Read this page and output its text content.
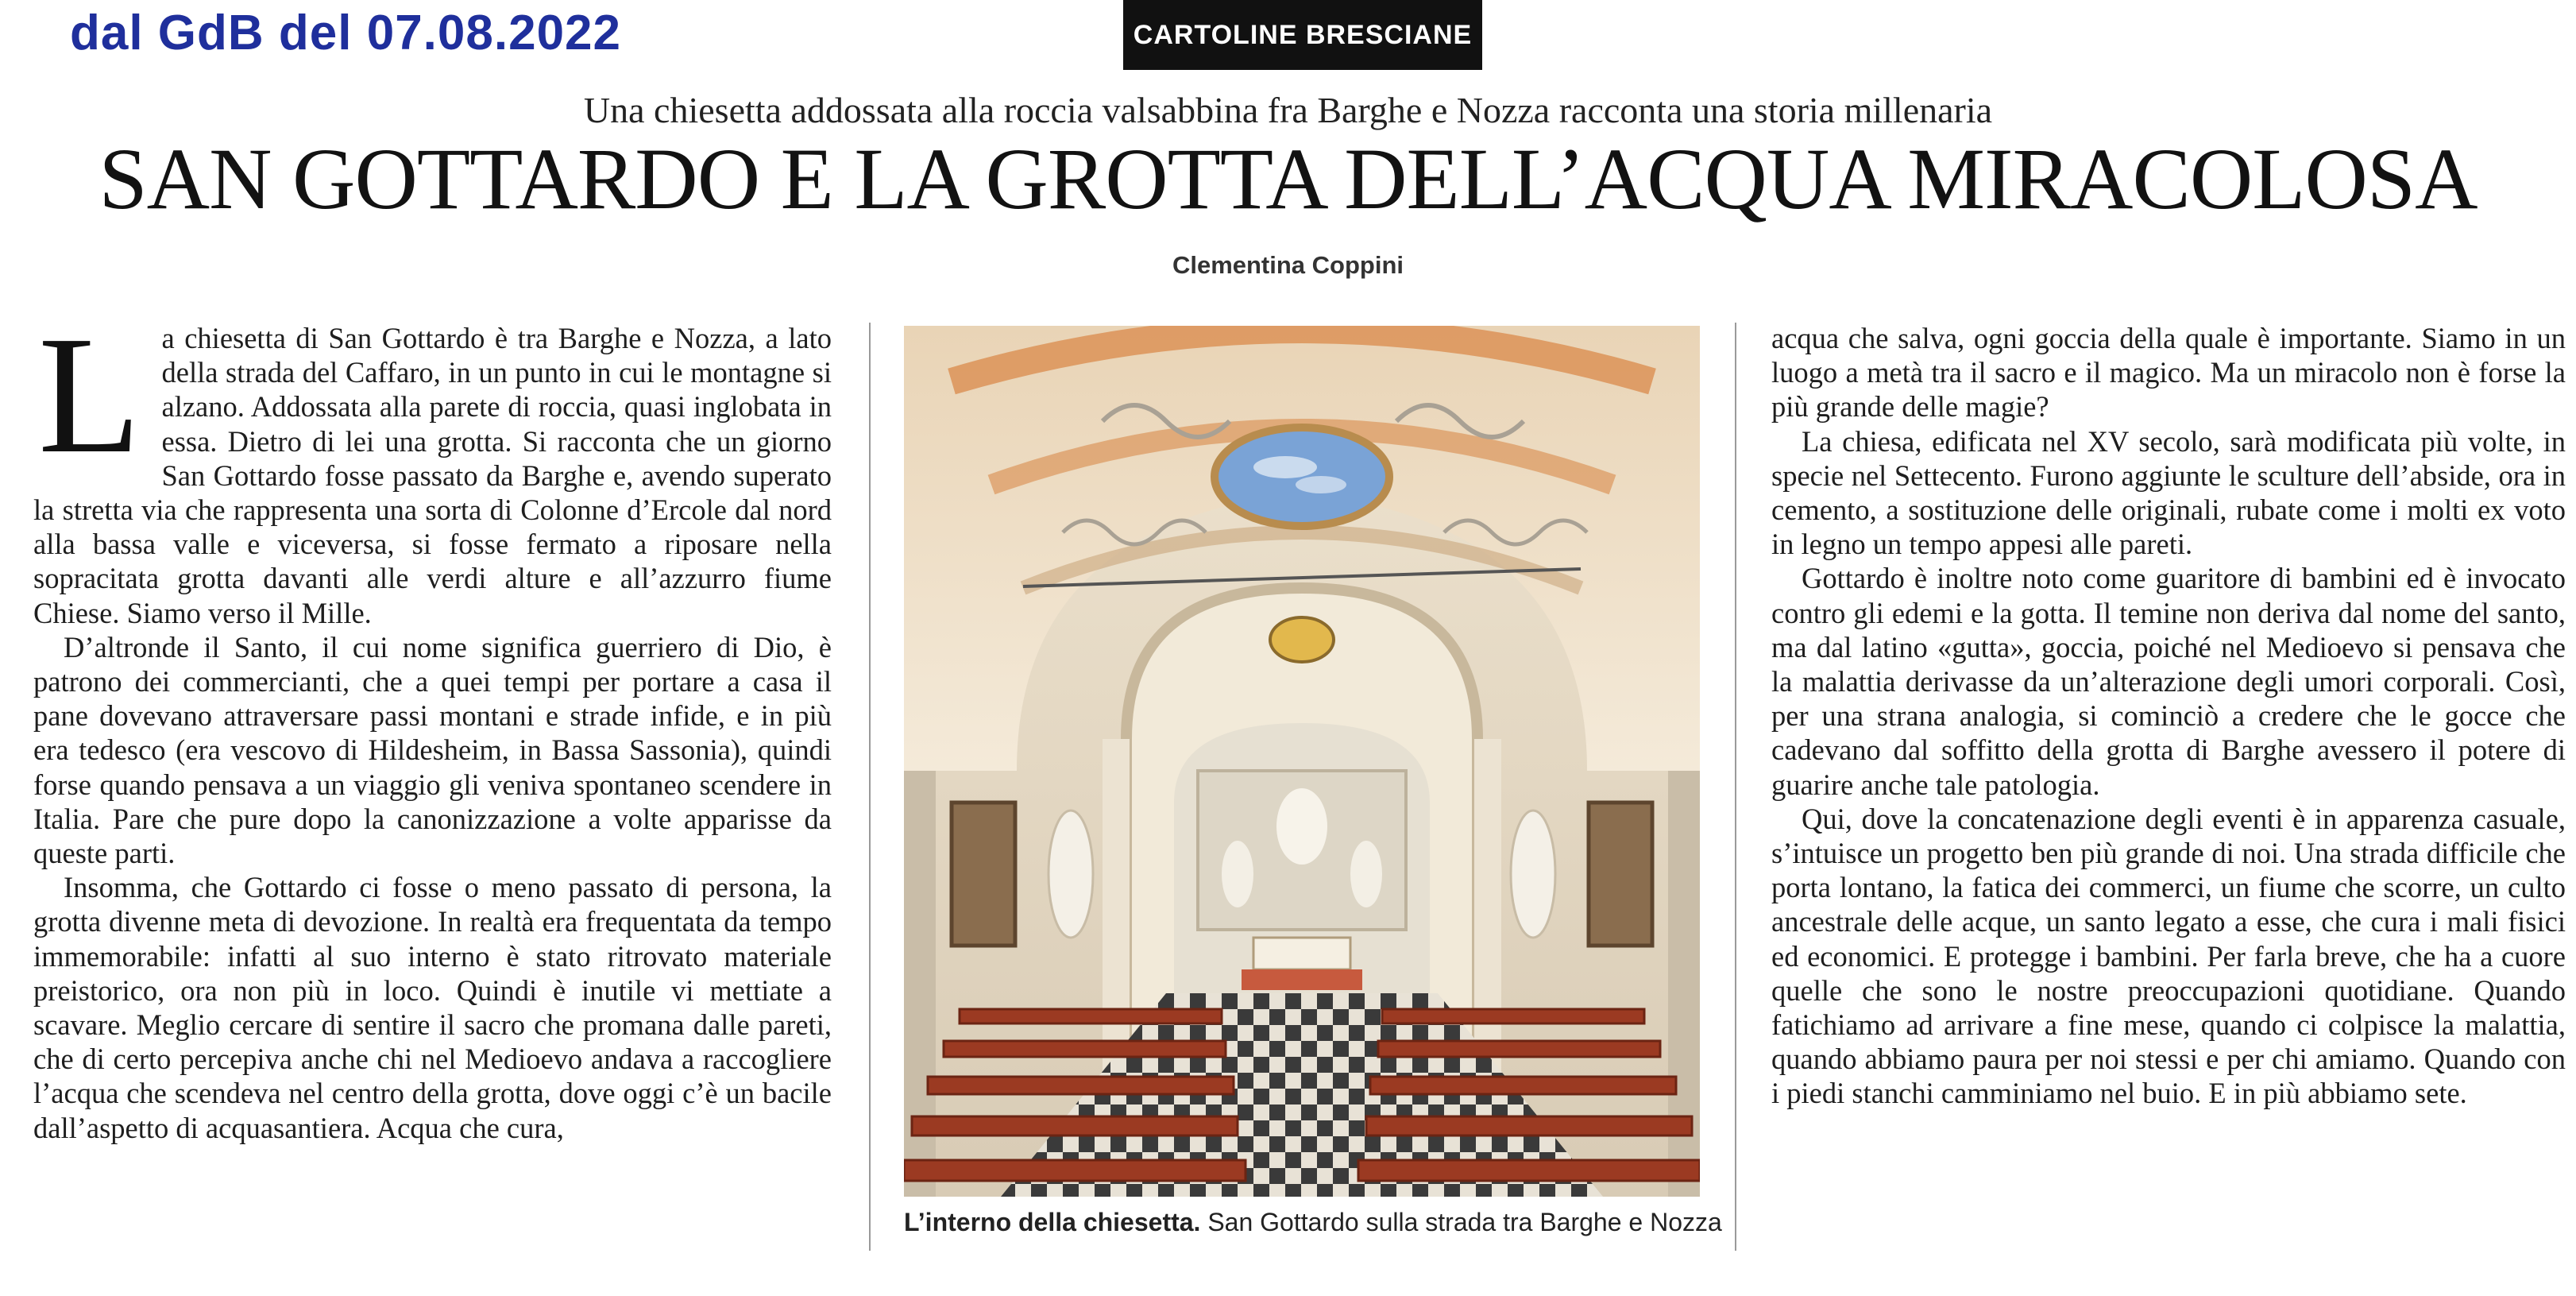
dal GdB del 07.08.2022	CARTOLINE BRESCIANE
Una chiesetta addossata alla roccia valsabbina fra Barghe e Nozza racconta una storia millenaria
SAN GOTTARDO E LA GROTTA DELL’ACQUA MIRACOLOSA
Clementina Coppini
L a chiesetta di San Gottardo è tra Barghe e Nozza, a lato della strada del Caffaro, in un punto in cui le montagne si alzano. Addossata alla parete di roccia, quasi inglobata in essa. Dietro di lei una grotta. Si racconta che un giorno San Gottardo fosse passato da Barghe e, avendo superato la stretta via che rappresenta una sorta di Colonne d’Ercole dal nord alla bassa valle e viceversa, si fosse fermato a riposare nella sopracitata grotta davanti alle verdi alture e all’azzurro fiume Chiese. Siamo verso il Mille.

D’altronde il Santo, il cui nome significa guerriero di Dio, è patrono dei commercianti, che a quei tempi per portare a casa il pane dovevano attraversare passi montani e strade infide, e in più era tedesco (era vescovo di Hildesheim, in Bassa Sassonia), quindi forse quando pensava a un viaggio gli veniva spontaneo scendere in Italia. Pare che pure dopo la canonizzazione a volte apparisse da queste parti.

Insomma, che Gottardo ci fosse o meno passato di persona, la grotta divenne meta di devozione. In realtà era frequentata da tempo immemorabile: infatti al suo interno è stato ritrovato materiale preistorico, ora non più in loco. Quindi è inutile vi mettiate a scavare. Meglio cercare di sentire il sacro che promana dalle pareti, che di certo percepiva anche chi nel Medioevo andava a raccogliere l’acqua che scendeva nel centro della grotta, dove oggi c’è un bacile dall’aspetto di acquasantiera. Acqua che cura,

L’interno della chiesetta. San Gottardo sulla strada tra Barghe e Nozza

acqua che salva, ogni goccia della quale è importante. Siamo in un luogo a metà tra il sacro e il magico. Ma un miracolo non è forse la più grande delle magie?

La chiesa, edificata nel XV secolo, sarà modificata più volte, in specie nel Settecento. Furono aggiunte le sculture dell’abside, ora in cemento, a sostituzione delle originali, rubate come i molti ex voto in legno un tempo appesi alle pareti.

Gottardo è inoltre noto come guaritore di bambini ed è invocato contro gli edemi e la gotta. Il temine non deriva dal nome del santo, ma dal latino «gutta», goccia, poiché nel Medioevo si pensava che la malattia derivasse da un’alterazione degli umori corporali. Così, per una strana analogia, si cominciò a credere che le gocce che cadevano dal soffitto della grotta di Barghe avessero il potere di guarire anche tale patologia.

Qui, dove la concatenazione degli eventi è in apparenza casuale, s’intuisce un progetto ben più grande di noi. Una strada difficile che porta lontano, la fatica dei commerci, un fiume che scorre, un culto ancestrale delle acque, un santo legato a esse, che cura i mali fisici ed economici. E protegge i bambini. Per farla breve, che ha a cuore quelle che sono le nostre preoccupazioni quotidiane. Quando fatichiamo ad arrivare a fine mese, quando ci colpisce la malattia, quando abbiamo paura per noi stessi e per chi amiamo. Quando con i piedi stanchi camminiamo nel buio. E in più abbiamo sete.
